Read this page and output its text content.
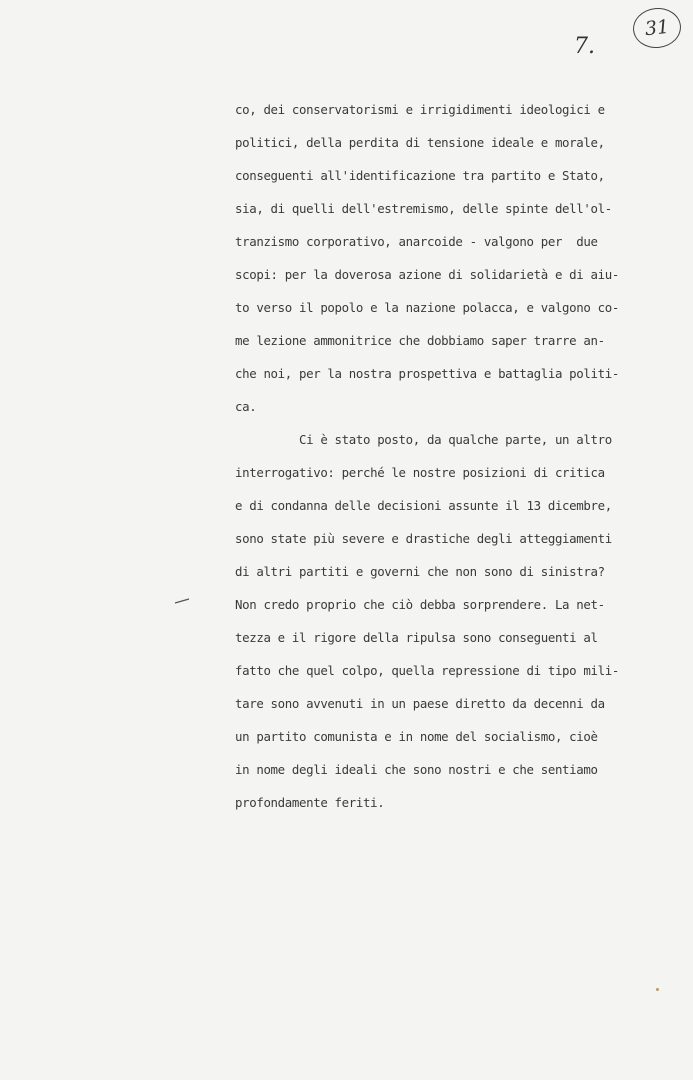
31
7.
co, dei conservatorismi e irrigidimenti ideologici e
politici, della perdita di tensione ideale e morale,
conseguenti all'identificazione tra partito e Stato,
sia, di quelli dell'estremismo, delle spinte dell'ol-
tranzismo corporativo, anarcoide - valgono per  due
scopi: per la doverosa azione di solidarietà e di aiu-
to verso il popolo e la nazione polacca, e valgono co-
me lezione ammonitrice che dobbiamo saper trarre an-
che noi, per la nostra prospettiva e battaglia politi-
ca.
Ci è stato posto, da qualche parte, un altro
interrogativo: perché le nostre posizioni di critica
e di condanna delle decisioni assunte il 13 dicembre,
sono state più severe e drastiche degli atteggiamenti
di altri partiti e governi che non sono di sinistra?
Non credo proprio che ciò debba sorprendere. La net-
tezza e il rigore della ripulsa sono conseguenti al
fatto che quel colpo, quella repressione di tipo mili-
tare sono avvenuti in un paese diretto da decenni da
un partito comunista e in nome del socialismo, cioè
in nome degli ideali che sono nostri e che sentiamo
profondamente feriti.
